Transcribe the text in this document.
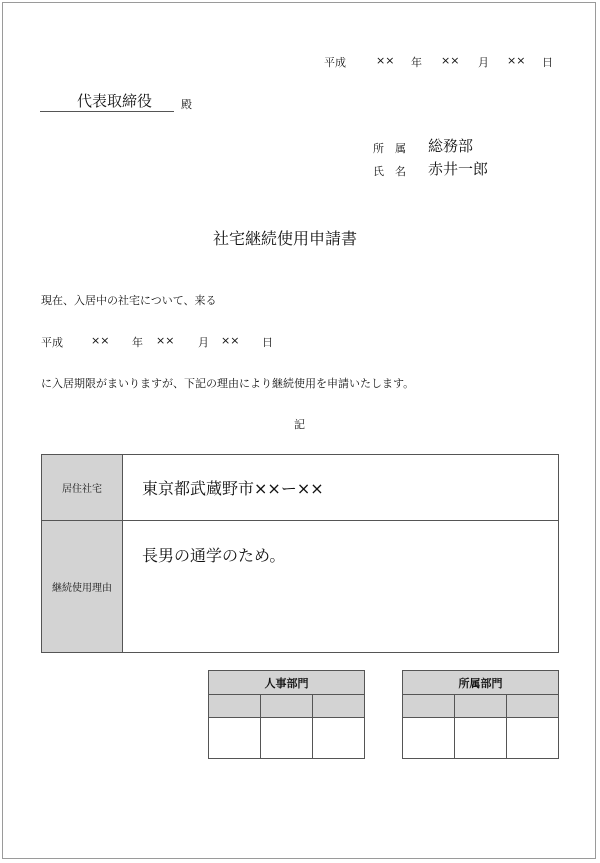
平成	×× 年 ×× 月 ×× 日
代表取締役	殿
所　属 総務部
氏　名 赤井一郎
社宅継続使用申請書
現在、入居中の社宅について、来る
平成	×× 年 ×× 月 ×× 日
に入居期限がまいりますが、下記の理由により継続使用を申請いたします。
記
居住社宅	東京都武蔵野市××ー××
継続使用理由	長男の通学のため。
人事部門		

			所属部門		
